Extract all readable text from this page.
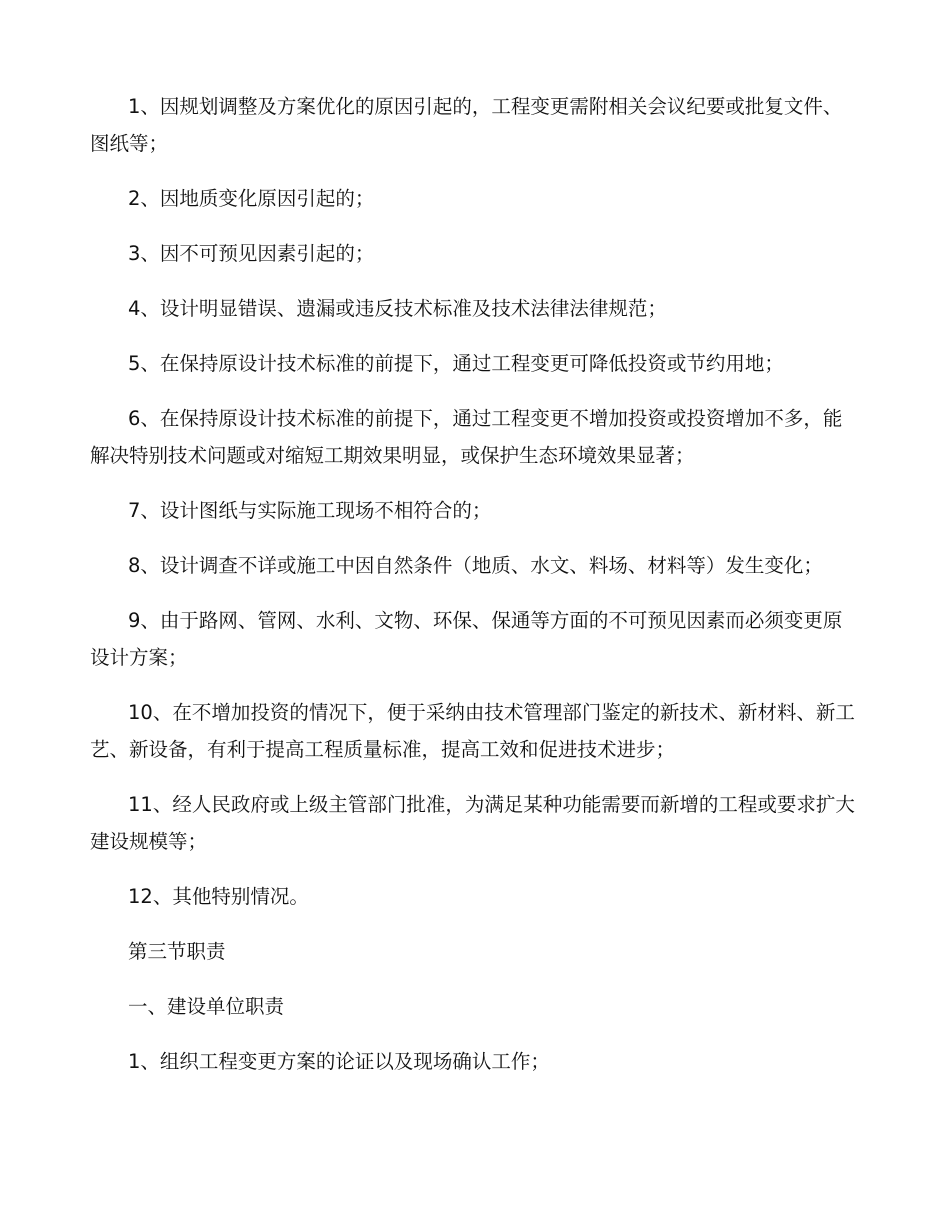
1、因规划调整及方案优化的原因引起的，工程变更需附相关会议纪要或批复文件、图纸等；

2、因地质变化原因引起的；

3、因不可预见因素引起的；

4、设计明显错误、遗漏或违反技术标准及技术法律法律规范；

5、在保持原设计技术标准的前提下，通过工程变更可降低投资或节约用地；

6、在保持原设计技术标准的前提下，通过工程变更不增加投资或投资增加不多，能解决特别技术问题或对缩短工期效果明显，或保护生态环境效果显著；

7、设计图纸与实际施工现场不相符合的；

8、设计调查不详或施工中因自然条件（地质、水文、料场、材料等）发生变化；

9、由于路网、管网、水利、文物、环保、保通等方面的不可预见因素而必须变更原设计方案；

10、在不增加投资的情况下，便于采纳由技术管理部门鉴定的新技术、新材料、新工艺、新设备，有利于提高工程质量标准，提高工效和促进技术进步；

11、经人民政府或上级主管部门批准，为满足某种功能需要而新增的工程或要求扩大建设规模等；

12、其他特别情况。

第三节职责

一、建设单位职责

1、组织工程变更方案的论证以及现场确认工作；
